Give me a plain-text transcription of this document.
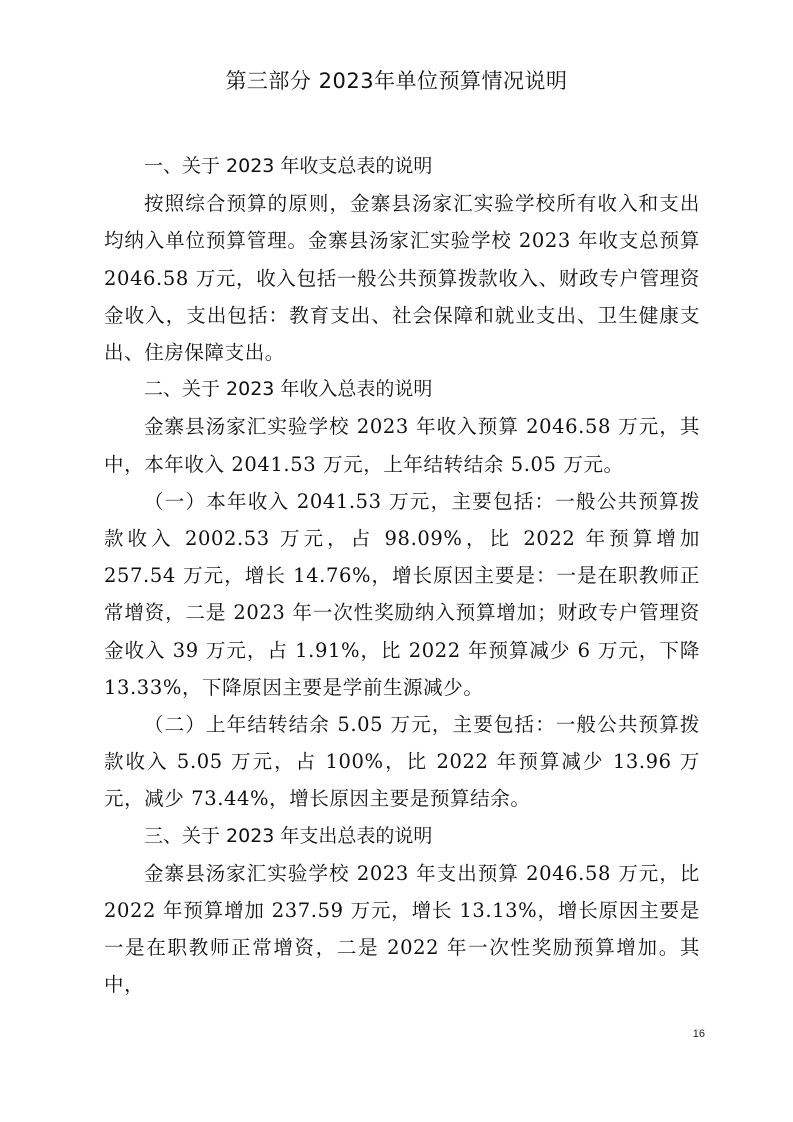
第三部分 2023年单位预算情况说明
一、关于 2023 年收支总表的说明

按照综合预算的原则，金寨县汤家汇实验学校所有收入和支出均纳入单位预算管理。金寨县汤家汇实验学校 2023 年收支总预算 2046.58 万元，收入包括一般公共预算拨款收入、财政专户管理资金收入，支出包括：教育支出、社会保障和就业支出、卫生健康支出、住房保障支出。

二、关于 2023 年收入总表的说明

金寨县汤家汇实验学校 2023 年收入预算 2046.58 万元，其中，本年收入 2041.53 万元，上年结转结余 5.05 万元。

（一）本年收入 2041.53 万元，主要包括：一般公共预算拨款收入 2002.53 万元，占 98.09%，比 2022 年预算增加 257.54 万元，增长 14.76%，增长原因主要是：一是在职教师正常增资，二是 2023 年一次性奖励纳入预算增加；财政专户管理资金收入 39 万元，占 1.91%，比 2022 年预算减少 6 万元，下降 13.33%，下降原因主要是学前生源减少。

（二）上年结转结余 5.05 万元，主要包括：一般公共预算拨款收入 5.05 万元，占 100%，比 2022 年预算减少 13.96 万元，减少 73.44%，增长原因主要是预算结余。

三、关于 2023 年支出总表的说明

金寨县汤家汇实验学校 2023 年支出预算 2046.58 万元，比 2022 年预算增加 237.59 万元，增长 13.13%，增长原因主要是一是在职教师正常增资，二是 2022 年一次性奖励预算增加。其中，

16
